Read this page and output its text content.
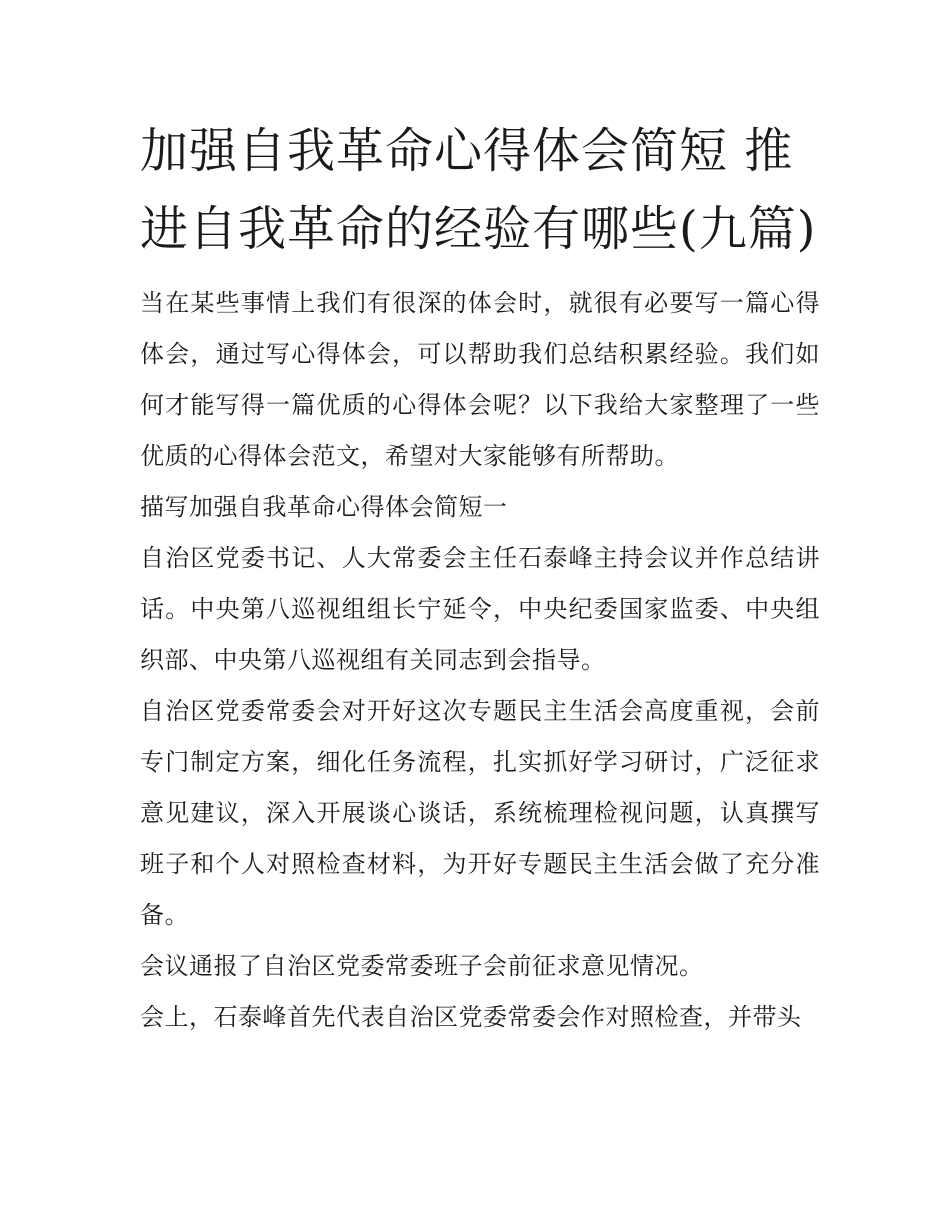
加强自我革命心得体会简短 推进自我革命的经验有哪些(九篇)

当在某些事情上我们有很深的体会时，就很有必要写一篇心得体会，通过写心得体会，可以帮助我们总结积累经验。我们如何才能写得一篇优质的心得体会呢？以下我给大家整理了一些优质的心得体会范文，希望对大家能够有所帮助。

描写加强自我革命心得体会简短一

自治区党委书记、人大常委会主任石泰峰主持会议并作总结讲话。中央第八巡视组组长宁延令，中央纪委国家监委、中央组织部、中央第八巡视组有关同志到会指导。

自治区党委常委会对开好这次专题民主生活会高度重视，会前专门制定方案，细化任务流程，扎实抓好学习研讨，广泛征求意见建议，深入开展谈心谈话，系统梳理检视问题，认真撰写班子和个人对照检查材料，为开好专题民主生活会做了充分准备。

会议通报了自治区党委常委班子会前征求意见情况。

会上，石泰峰首先代表自治区党委常委会作对照检查，并带头
